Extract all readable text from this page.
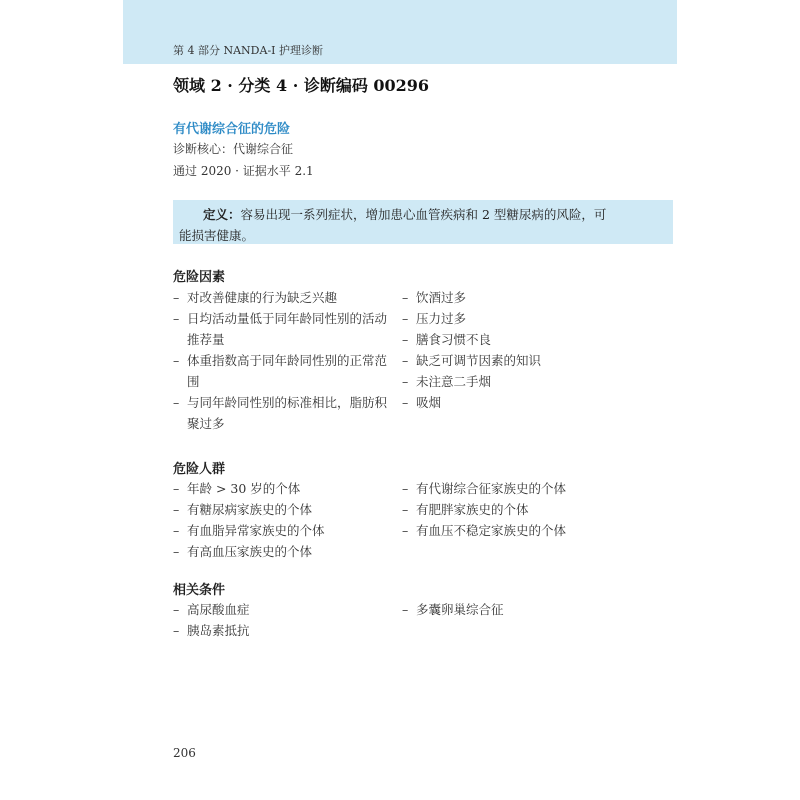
第 4 部分 NANDA-I 护理诊断
领域 2 · 分类 4 · 诊断编码 00296
有代谢综合征的危险
诊断核心：代谢综合征
通过 2020 · 证据水平 2.1
定义：容易出现一系列症状，增加患心血管疾病和 2 型糖尿病的风险，可能损害健康。
危险因素
– 对改善健康的行为缺乏兴趣
– 日均活动量低于同年龄同性别的活动推荐量
– 体重指数高于同年龄同性别的正常范围
– 与同年龄同性别的标准相比，脂肪积聚过多
– 饮酒过多
– 压力过多
– 膳食习惯不良
– 缺乏可调节因素的知识
– 未注意二手烟
– 吸烟
危险人群
– 年龄 > 30 岁的个体
– 有糖尿病家族史的个体
– 有血脂异常家族史的个体
– 有高血压家族史的个体
– 有代谢综合征家族史的个体
– 有肥胖家族史的个体
– 有血压不稳定家族史的个体
相关条件
– 高尿酸血症
– 胰岛素抵抗
– 多囊卵巢综合征
206
